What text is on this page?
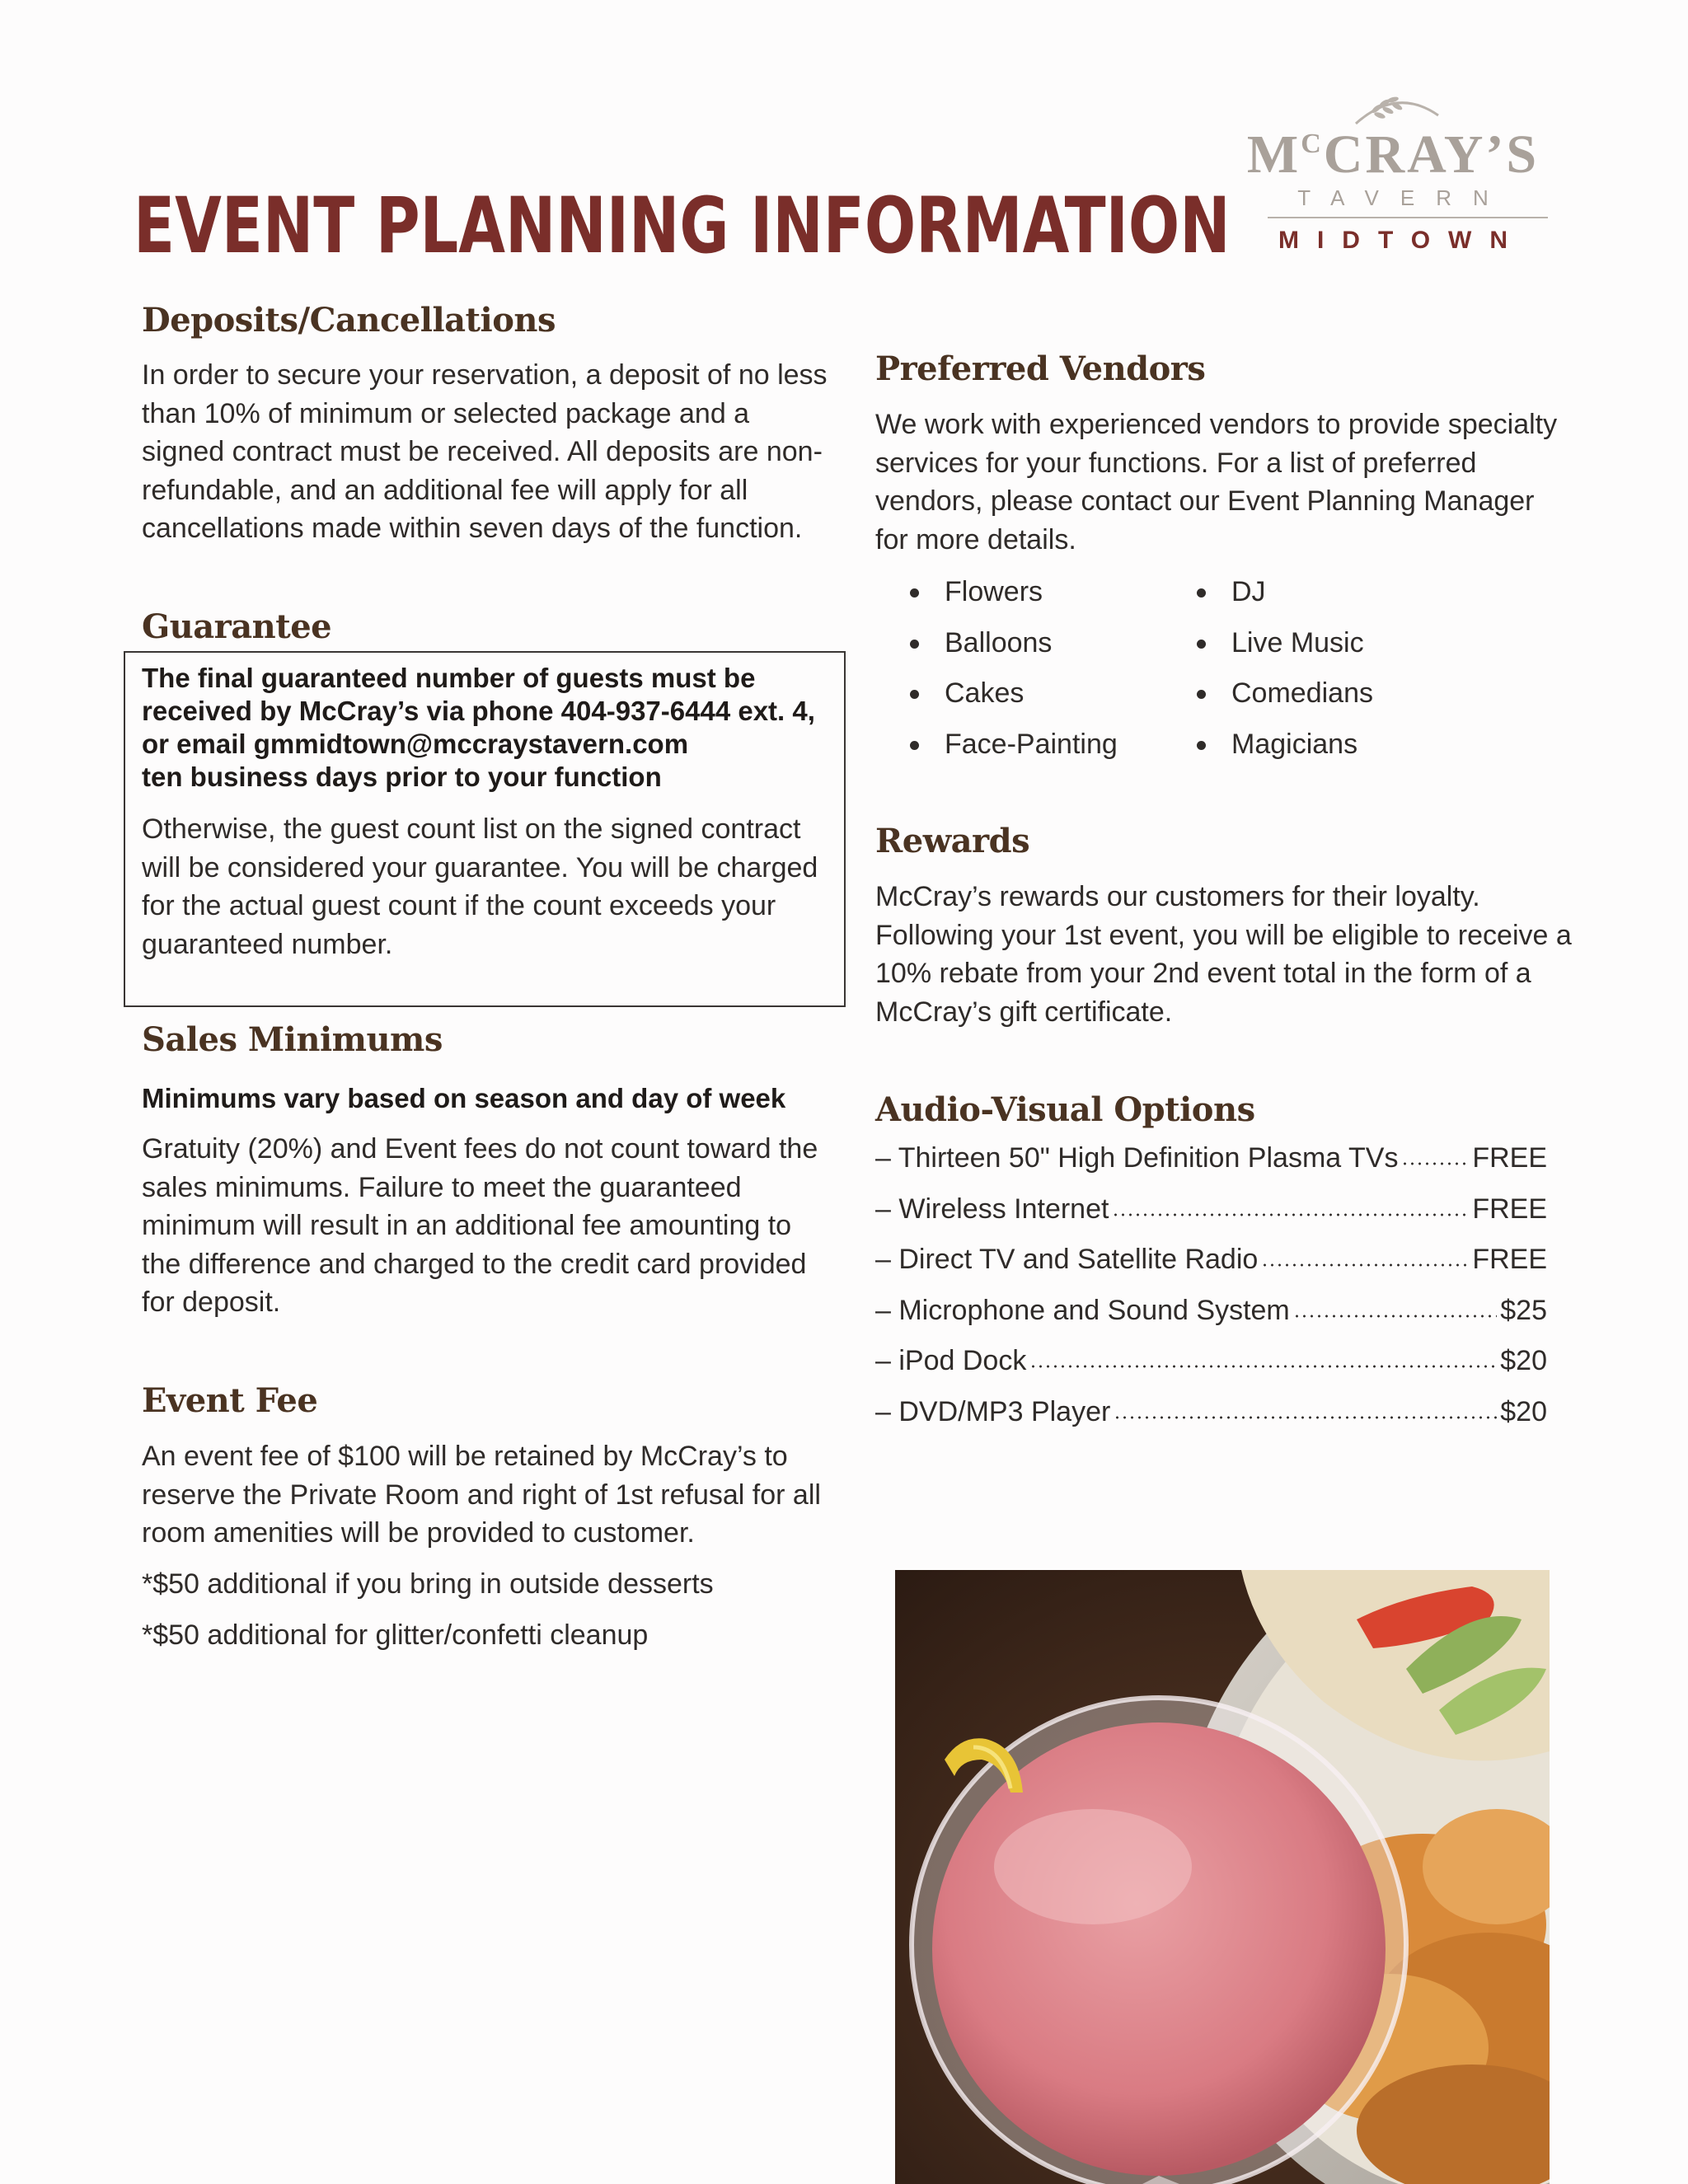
EVENT PLANNING INFORMATION
$M^CCRAY’S$
TAVERN
MIDTOWN
Deposits/Cancellations

In order to secure your reservation, a deposit of no less than 10% of minimum or selected package and a signed contract must be received. All deposits are non-refundable, and an additional fee will apply for all cancellations made within seven days of the function.

Guarantee

The final guaranteed number of guests must be
received by McCray’s via phone 404-937-6444 ext. 4,
or email gmmidtown@mccraystavern.com
ten business days prior to your function

Otherwise, the guest count list on the signed contract will be considered your guarantee. You will be charged for the actual guest count if the count exceeds your guaranteed number.

Sales Minimums

Minimums vary based on season and day of week

Gratuity (20%) and Event fees do not count toward the sales minimums. Failure to meet the guaranteed minimum will result in an additional fee amounting to the difference and charged to the credit card provided for deposit.

Event Fee

An event fee of $100 will be retained by McCray’s to reserve the Private Room and right of 1st refusal for all room amenities will be provided to customer.

*$50 additional if you bring in outside desserts

*$50 additional for glitter/confetti cleanup

Preferred Vendors

We work with experienced vendors to provide specialty services for your functions. For a list of preferred vendors, please contact our Event Planning Manager for more details.

Flowers
Balloons
Cakes
Face-Painting
DJ
Live Music
Comedians
Magicians
Rewards

McCray’s rewards our customers for their loyalty. Following your 1st event, you will be eligible to receive a 10% rebate from your 2nd event total in the form of a McCray’s gift certificate.

Audio-Visual Options
– Thirteen 50" High Definition Plasma TVs	FREE
– Wireless Internet	FREE
– Direct TV and Satellite Radio	FREE
– Microphone and Sound System	$25
– iPod Dock	$20
– DVD/MP3 Player	$20
